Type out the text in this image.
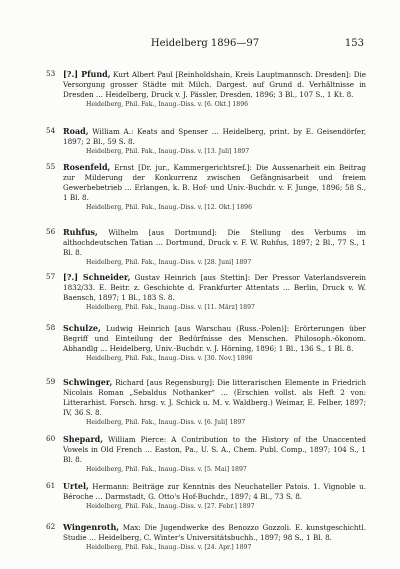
Heidelberg 1896—97	153
53 [?.] Pfund, Kurt Albert Paul [Reinholdshain, Kreis Lauptmannsch. Dresden]: Die Versorgung grosser Städte mit Milch. Dargest. auf Grund d. Verhältnisse in Dresden … Heidelberg, Druck v. J. Pässler, Dresden, 1896; 3 Bl., 107 S., 1 Kt. 8.
Heidelberg, Phil. Fak., Inaug.-Diss. v. [6. Okt.] 1896
54 Road, William A.: Keats and Spenser … Heidelberg, print. by E. Geisendörfer, 1897; 2 Bl., 59 S. 8.
Heidelberg, Phil. Fak., Inaug.-Diss. v. [13. Juli] 1897
55 Rosenfeld, Ernst [Dr. jur., Kammergerichtsref.]: Die Aussenarbeit ein Beitrag zur Milderung der Konkurrenz zwischen Gefängnisarbeit und freiem Gewerbebetrieb … Erlangen, k. B. Hof- und Univ.-Buchdr. v. F. Junge, 1896; 58 S., 1 Bl. 8.
Heidelberg, Phil. Fak., Inaug.-Diss. v. [12. Okt.] 1896
56 Ruhfus, Wilhelm [aus Dortmund]: Die Stellung des Verbums im althochdeutschen Tatian … Dortmund, Druck v. F. W. Ruhfus, 1897; 2 Bl., 77 S., 1 Bl. 8.
Heidelberg, Phil. Fak., Inaug.-Diss. v. [28. Juni] 1897
57 [?.] Schneider, Gustav Heinrich [aus Stettin]: Der Pressor Vaterlandsverein 1832/33. E. Beitr. z. Geschichte d. Frankfurter Attentats … Berlin, Druck v. W. Baensch, 1897; 1 Bl., 183 S. 8.
Heidelberg, Phil. Fak., Inaug.-Diss. v. [11. März] 1897
58 Schulze, Ludwig Heinrich [aus Warschau (Russ.-Polen)]: Erörterungen über Begriff und Einteilung der Bedürfnisse des Menschen. Philosoph.-ökonom. Abhandlg … Heidelberg, Univ.-Buchdr. v. J. Hörning, 1896; 1 Bl., 136 S., 1 Bl. 8.
Heidelberg, Phil. Fak., Inaug.-Diss. v. [30. Nov.] 1896
59 Schwinger, Richard [aus Regensburg]: Die litterarischen Elemente in Friedrich Nicolais Roman „Sebaldus Nothanker“ … (Erschien vollst. als Heft 2 von: Litterarhist. Forsch. hrsg. v. J. Schick u. M. v. Waldberg.) Weimar, E. Felber, 1897; IV, 36 S. 8.
Heidelberg, Phil. Fak., Inaug.-Diss. v. [6. Juli] 1897
60 Shepard, William Pierce: A Contribution to the History of the Unaccented Vowels in Old French … Easton, Pa., U. S. A., Chem. Publ. Comp., 1897; 104 S., 1 Bl. 8.
Heidelberg, Phil. Fak., Inaug.-Diss. v. [5. Mai] 1897
61 Urtel, Hermann: Beiträge zur Kenntnis des Neuchateller Patois. 1. Vignoble u. Béroche … Darmstadt, G. Otto's Hof-Buchdr., 1897; 4 Bl., 73 S. 8.
Heidelberg, Phil. Fak., Inaug.-Diss. v. [27. Febr.] 1897
62 Wingenroth, Max: Die Jugendwerke des Benozzo Gozzoli. E. kunstgeschichtl. Studie … Heidelberg, C. Winter's Universitätsbuchh., 1897; 98 S., 1 Bl. 8.
Heidelberg, Phil. Fak., Inaug.-Diss. v. [24. Apr.] 1897
